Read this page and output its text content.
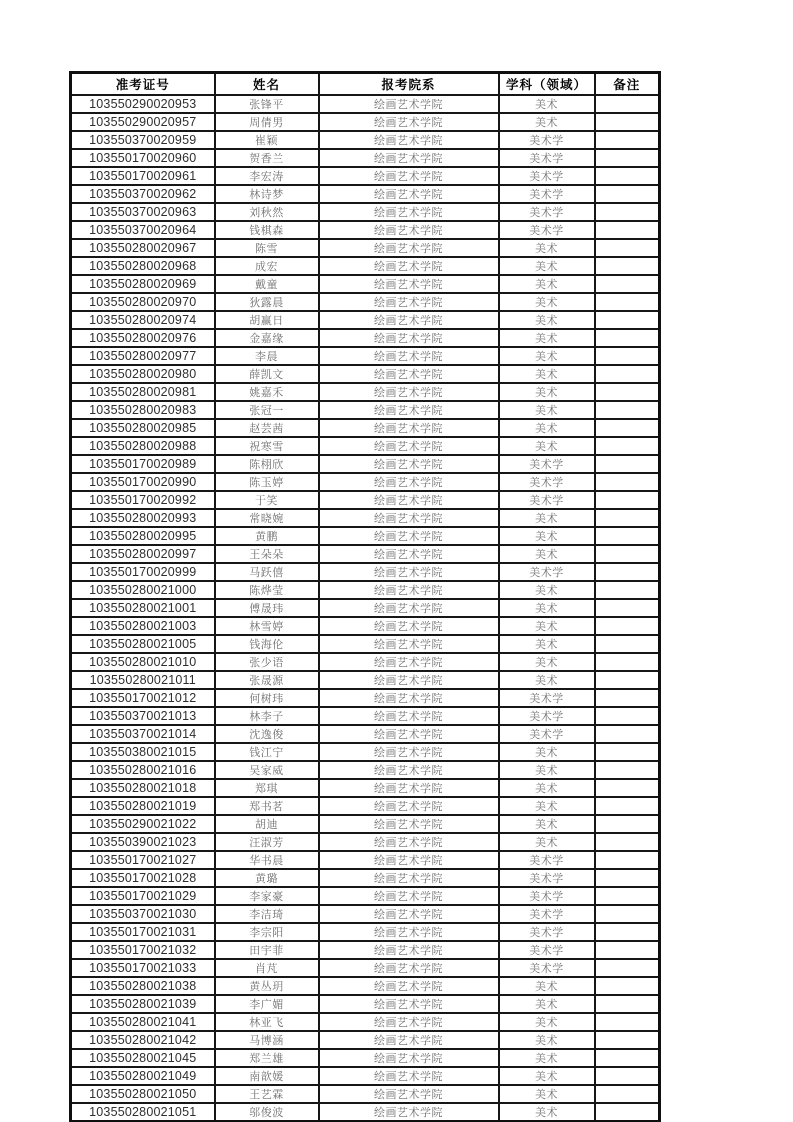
准考证号	姓名	报考院系	学科（领域）	备注
103550290020953	张锋平	绘画艺术学院	美术	
103550290020957	周倩男	绘画艺术学院	美术	
103550370020959	崔颖	绘画艺术学院	美术学	
103550170020960	贺香兰	绘画艺术学院	美术学	
103550170020961	李宏涛	绘画艺术学院	美术学	
103550370020962	林诗梦	绘画艺术学院	美术学	
103550370020963	刘秋然	绘画艺术学院	美术学	
103550370020964	钱棋森	绘画艺术学院	美术学	
103550280020967	陈雪	绘画艺术学院	美术	
103550280020968	成宏	绘画艺术学院	美术	
103550280020969	戴童	绘画艺术学院	美术	
103550280020970	狄露晨	绘画艺术学院	美术	
103550280020974	胡赢日	绘画艺术学院	美术	
103550280020976	金嘉缘	绘画艺术学院	美术	
103550280020977	李晨	绘画艺术学院	美术	
103550280020980	薛凯文	绘画艺术学院	美术	
103550280020981	姚嘉禾	绘画艺术学院	美术	
103550280020983	张冠一	绘画艺术学院	美术	
103550280020985	赵芸茜	绘画艺术学院	美术	
103550280020988	祝寒雪	绘画艺术学院	美术	
103550170020989	陈栩欣	绘画艺术学院	美术学	
103550170020990	陈玉婷	绘画艺术学院	美术学	
103550170020992	于笑	绘画艺术学院	美术学	
103550280020993	常晓婉	绘画艺术学院	美术	
103550280020995	黄鹏	绘画艺术学院	美术	
103550280020997	王朵朵	绘画艺术学院	美术	
103550170020999	马跃僖	绘画艺术学院	美术学	
103550280021000	陈烨莹	绘画艺术学院	美术	
103550280021001	傅晟玮	绘画艺术学院	美术	
103550280021003	林雪婷	绘画艺术学院	美术	
103550280021005	钱海伦	绘画艺术学院	美术	
103550280021010	张少语	绘画艺术学院	美术	
103550280021011	张晟源	绘画艺术学院	美术	
103550170021012	何树玮	绘画艺术学院	美术学	
103550370021013	林李子	绘画艺术学院	美术学	
103550370021014	沈逸俊	绘画艺术学院	美术学	
103550380021015	钱江宁	绘画艺术学院	美术	
103550280021016	吴家威	绘画艺术学院	美术	
103550280021018	郑琪	绘画艺术学院	美术	
103550280021019	郑书茗	绘画艺术学院	美术	
103550290021022	胡迪	绘画艺术学院	美术	
103550390021023	汪淑芳	绘画艺术学院	美术	
103550170021027	华书晨	绘画艺术学院	美术学	
103550170021028	黄璐	绘画艺术学院	美术学	
103550170021029	李家豪	绘画艺术学院	美术学	
103550370021030	李洁琦	绘画艺术学院	美术学	
103550170021031	李宗阳	绘画艺术学院	美术学	
103550170021032	田宇菲	绘画艺术学院	美术学	
103550170021033	肖芃	绘画艺术学院	美术学	
103550280021038	黄丛玥	绘画艺术学院	美术	
103550280021039	李广媚	绘画艺术学院	美术	
103550280021041	林亚飞	绘画艺术学院	美术	
103550280021042	马博涵	绘画艺术学院	美术	
103550280021045	郑兰雄	绘画艺术学院	美术	
103550280021049	南歆媛	绘画艺术学院	美术	
103550280021050	王艺霖	绘画艺术学院	美术	
103550280021051	邬俊波	绘画艺术学院	美术	
